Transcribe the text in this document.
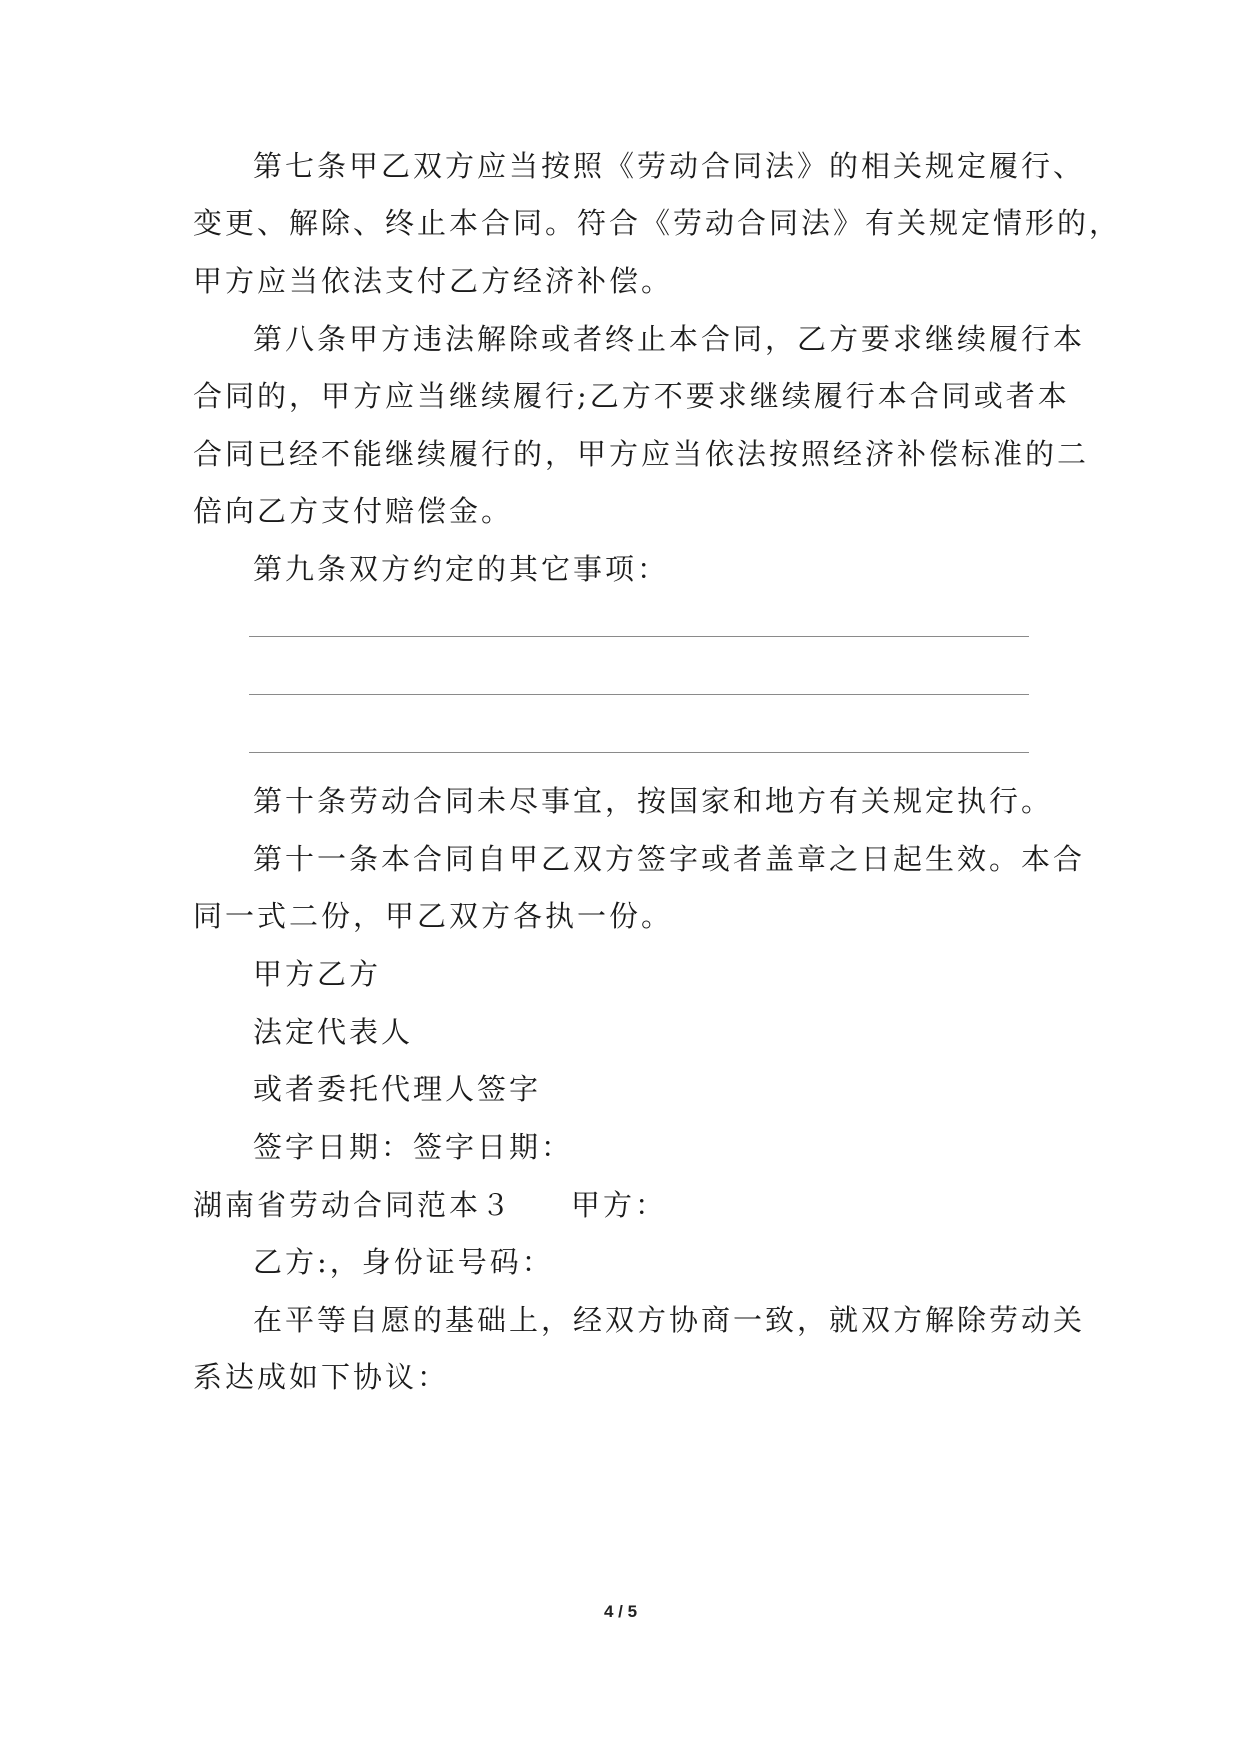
第七条甲乙双方应当按照《劳动合同法》的相关规定履行、
变更、解除、终止本合同。符合《劳动合同法》有关规定情形的，
甲方应当依法支付乙方经济补偿。
第八条甲方违法解除或者终止本合同，乙方要求继续履行本
合同的，甲方应当继续履行;乙方不要求继续履行本合同或者本
合同已经不能继续履行的，甲方应当依法按照经济补偿标准的二
倍向乙方支付赔偿金。
第九条双方约定的其它事项：
第十条劳动合同未尽事宜，按国家和地方有关规定执行。
第十一条本合同自甲乙双方签字或者盖章之日起生效。本合
同一式二份，甲乙双方各执一份。
甲方乙方
法定代表人
或者委托代理人签字
签字日期：签字日期：
湖南省劳动合同范本３ 甲方：
乙方:，身份证号码：
在平等自愿的基础上，经双方协商一致，就双方解除劳动关
系达成如下协议：
4 / 5
